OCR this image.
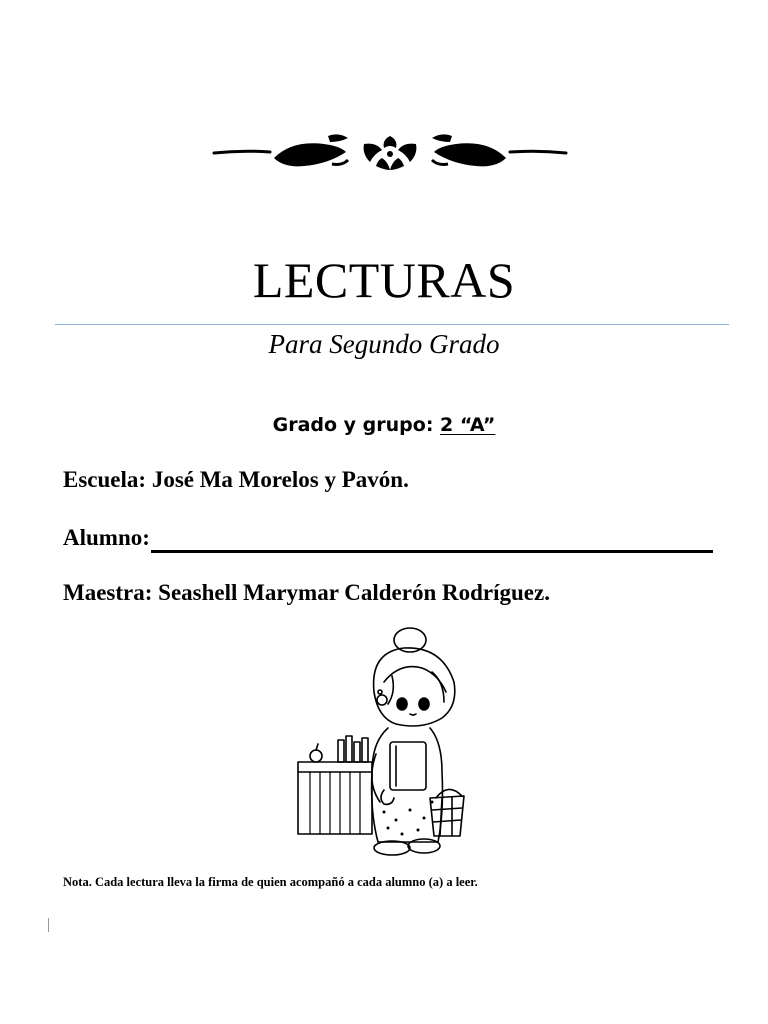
LECTURAS
Para Segundo Grado
Grado y grupo: 2 “A”
Escuela: José Ma Morelos y Pavón.
Alumno:
Maestra: Seashell Marymar Calderón Rodríguez.
Nota. Cada lectura lleva la firma de quien acompañó a cada alumno (a) a leer.
